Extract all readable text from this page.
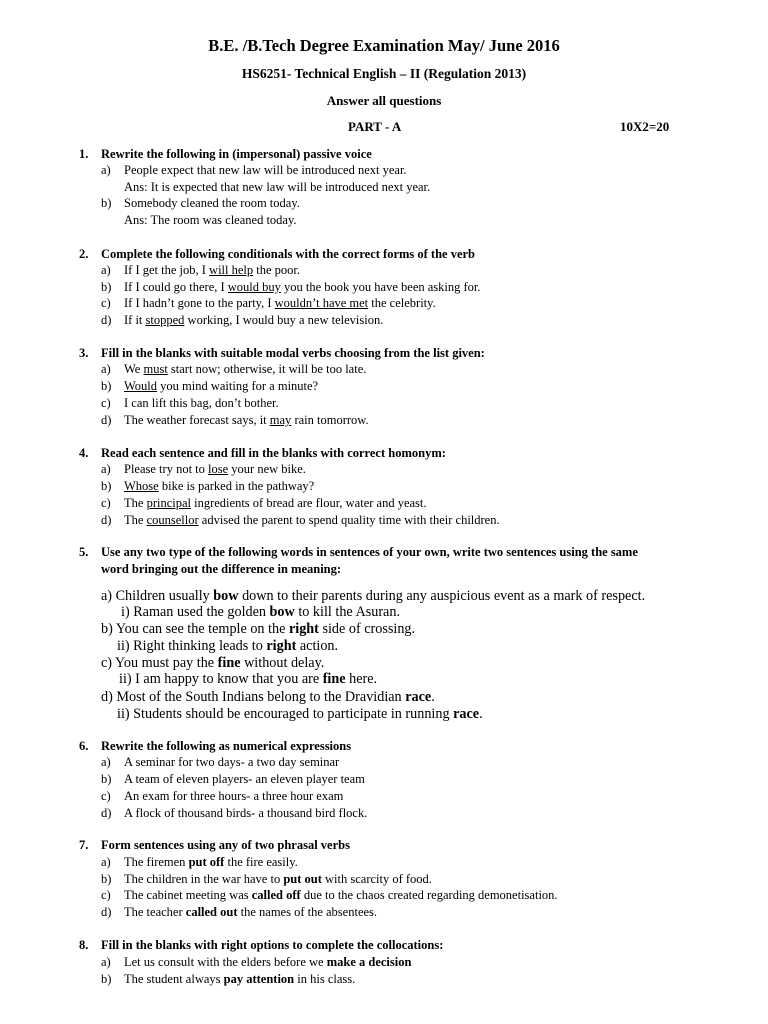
B.E. /B.Tech Degree Examination May/ June 2016
HS6251- Technical English – II (Regulation 2013)
Answer all questions
PART - A	10X2=20
1. Rewrite the following in (impersonal) passive voice
a) People expect that new law will be introduced next year.
Ans: It is expected that new law will be introduced next year.
b) Somebody cleaned the room today.
Ans: The room was cleaned today.
2. Complete the following conditionals with the correct forms of the verb
a) If I get the job, I will help the poor.
b) If I could go there, I would buy you the book you have been asking for.
c) If I hadn’t gone to the party, I wouldn’t have met the celebrity.
d) If it stopped working, I would buy a new television.
3. Fill in the blanks with suitable modal verbs choosing from the list given:
a) We must start now; otherwise, it will be too late.
b) Would you mind waiting for a minute?
c) I can lift this bag, don’t bother.
d) The weather forecast says, it may rain tomorrow.
4. Read each sentence and fill in the blanks with correct homonym:
a) Please try not to lose your new bike.
b) Whose bike is parked in the pathway?
c) The principal ingredients of bread are flour, water and yeast.
d) The counsellor advised the parent to spend quality time with their children.
5. Use any two type of the following words in sentences of your own, write two sentences using the same
word bringing out the difference in meaning:
a) Children usually bow down to their parents during any auspicious event as a mark of respect.
i) Raman used the golden bow to kill the Asuran.
b) You can see the temple on the right side of crossing.
ii) Right thinking leads to right action.
c) You must pay the fine without delay.
ii) I am happy to know that you are fine here.
d) Most of the South Indians belong to the Dravidian race.
ii) Students should be encouraged to participate in running race.
6. Rewrite the following as numerical expressions
a) A seminar for two days- a two day seminar
b) A team of eleven players- an eleven player team
c) An exam for three hours- a three hour exam
d) A flock of thousand birds- a thousand bird flock.
7. Form sentences using any of two phrasal verbs
a) The firemen put off the fire easily.
b) The children in the war have to put out with scarcity of food.
c) The cabinet meeting was called off due to the chaos created regarding demonetisation.
d) The teacher called out the names of the absentees.
8. Fill in the blanks with right options to complete the collocations:
a) Let us consult with the elders before we make a decision
b) The student always pay attention in his class.
